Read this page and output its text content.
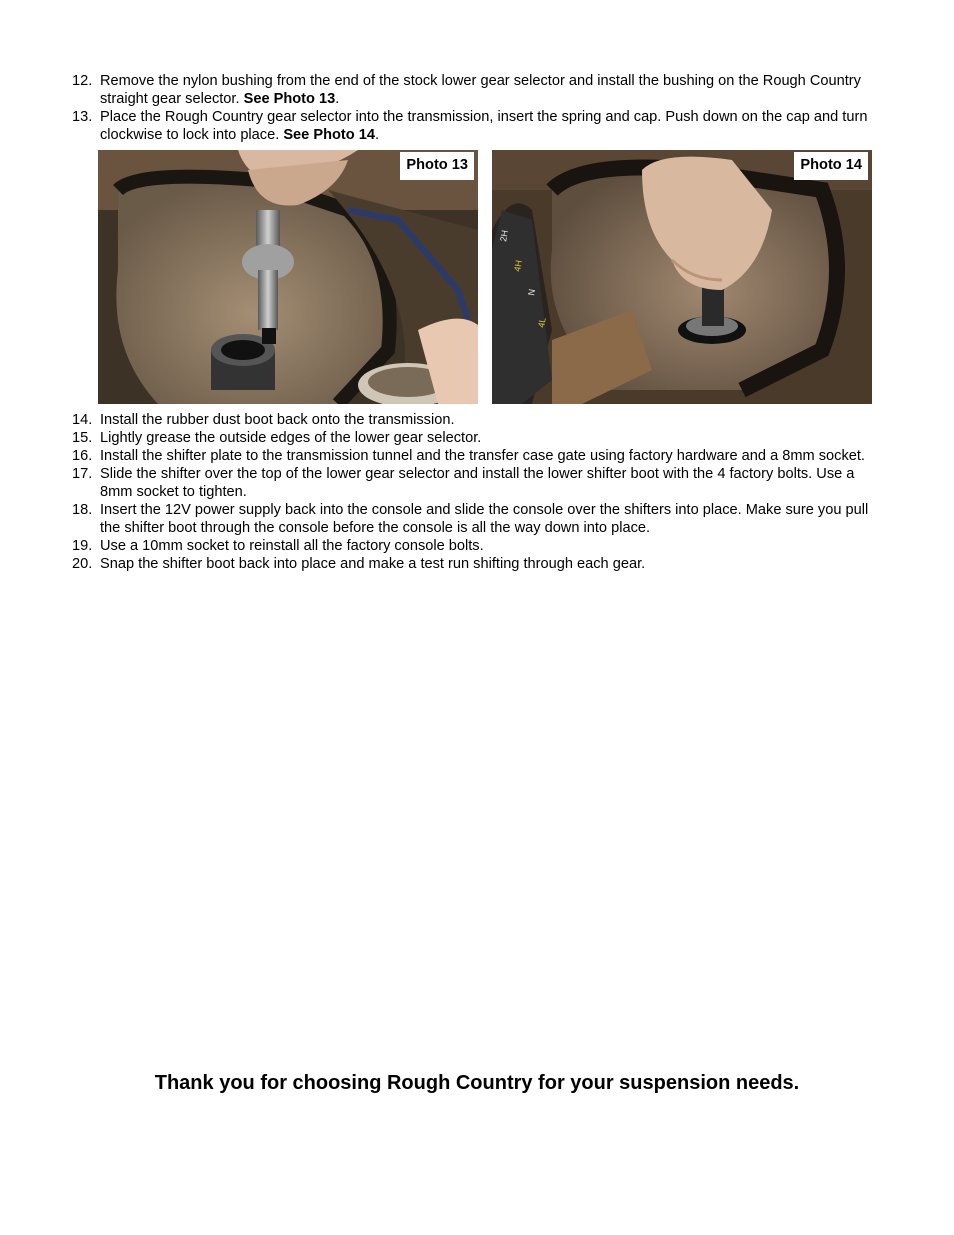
12. Remove the nylon bushing from the end of the stock lower gear selector and install the bushing on the Rough Country straight gear selector. See Photo 13.
13. Place the Rough Country gear selector into the transmission, insert the spring and cap. Push down on the cap and turn clockwise to lock into place. See Photo 14.
Photo 13
2H
4H
N
4L
Photo 14
14. Install the rubber dust boot back onto the transmission.
15. Lightly grease the outside edges of the lower gear selector.
16. Install the shifter plate to the transmission tunnel and the transfer case gate using factory hardware and a 8mm socket.
17. Slide the shifter over the top of the lower gear selector and install the lower shifter boot with the 4 factory bolts. Use a 8mm socket to tighten.
18. Insert the 12V power supply back into the console and slide the console over the shifters into place. Make sure you pull the shifter boot through the console before the console is all the way down into place.
19. Use a 10mm socket to reinstall all the factory console bolts.
20. Snap the shifter boot back into place and make a test run shifting through each gear.
Thank you for choosing Rough Country for your suspension needs.
